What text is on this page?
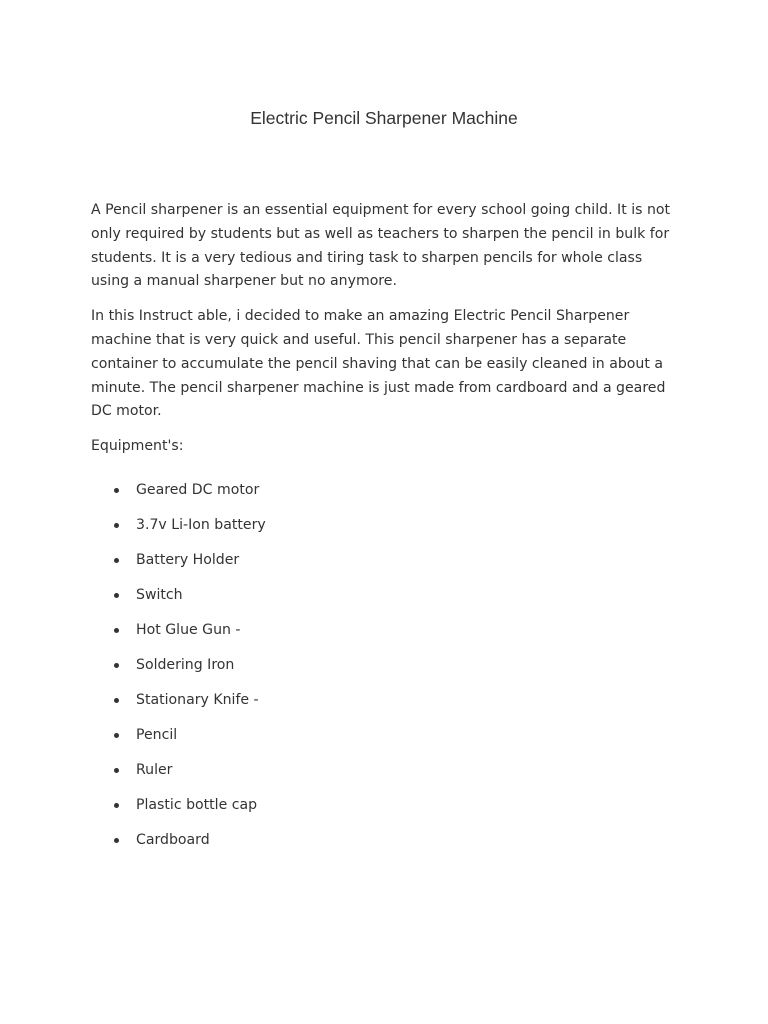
Electric Pencil Sharpener Machine

A Pencil sharpener is an essential equipment for every school going child. It is not only required by students but as well as teachers to sharpen the pencil in bulk for students. It is a very tedious and tiring task to sharpen pencils for whole class using a manual sharpener but no anymore.

In this Instruct able, i decided to make an amazing Electric Pencil Sharpener machine that is very quick and useful. This pencil sharpener has a separate container to accumulate the pencil shaving that can be easily cleaned in about a minute. The pencil sharpener machine is just made from cardboard and a geared DC motor.

Equipment's:

Geared DC motor
3.7v Li-Ion battery
Battery Holder
Switch
Hot Glue Gun -
Soldering Iron
Stationary Knife -
Pencil
Ruler
Plastic bottle cap
Cardboard
